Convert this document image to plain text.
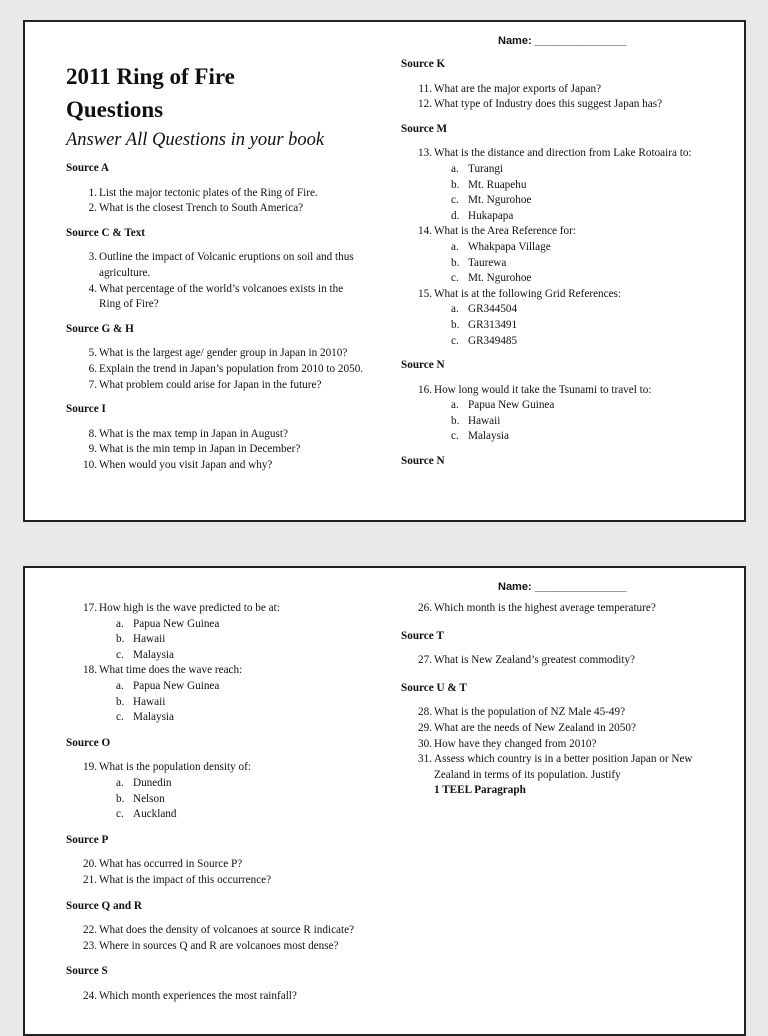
Name: _______________
2011 Ring of Fire
Questions
Answer All Questions in your book
Source A
1. List the major tectonic plates of the Ring of Fire.
2. What is the closest Trench to South America?
Source C & Text
3. Outline the impact of Volcanic eruptions on soil and thus agriculture.
4. What percentage of the world’s volcanoes exists in the Ring of Fire?
Source G & H
5. What is the largest age/ gender group in Japan in 2010?
6. Explain the trend in Japan’s population from 2010 to 2050.
7. What problem could arise for Japan in the future?
Source I
8. What is the max temp in Japan in August?
9. What is the min temp in Japan in December?
10. When would you visit Japan and why?
Source K
11. What are the major exports of Japan?
12. What type of Industry does this suggest Japan has?
Source M
13. What is the distance and direction from Lake Rotoaira to:
a. Turangi
b. Mt. Ruapehu
c. Mt. Ngurohoe
d. Hukapapa
14. What is the Area Reference for:
a. Whakpapa Village
b. Taurewa
c. Mt. Ngurohoe
15. What is at the following Grid References:
a. GR344504
b. GR313491
c. GR349485
Source N
16. How long would it take the Tsunami to travel to:
a. Papua New Guinea
b. Hawaii
c. Malaysia
Source N
Name: _______________
17. How high is the wave predicted to be at:
a. Papua New Guinea
b. Hawaii
c. Malaysia
18. What time does the wave reach:
a. Papua New Guinea
b. Hawaii
c. Malaysia
Source O
19. What is the population density of:
a. Dunedin
b. Nelson
c. Auckland
Source P
20. What has occurred in Source P?
21. What is the impact of this occurrence?
Source Q and R
22. What does the density of volcanoes at source R indicate?
23. Where in sources Q and R are volcanoes most dense?
Source S
24. Which month experiences the most rainfall?
26. Which month is the highest average temperature?
Source T
27. What is New Zealand’s greatest commodity?
Source U & T
28. What is the population of NZ Male 45-49?
29. What are the needs of New Zealand in 2050?
30. How have they changed from 2010?
31. Assess which country is in a better position Japan or New Zealand in terms of its population. Justify
1 TEEL Paragraph
